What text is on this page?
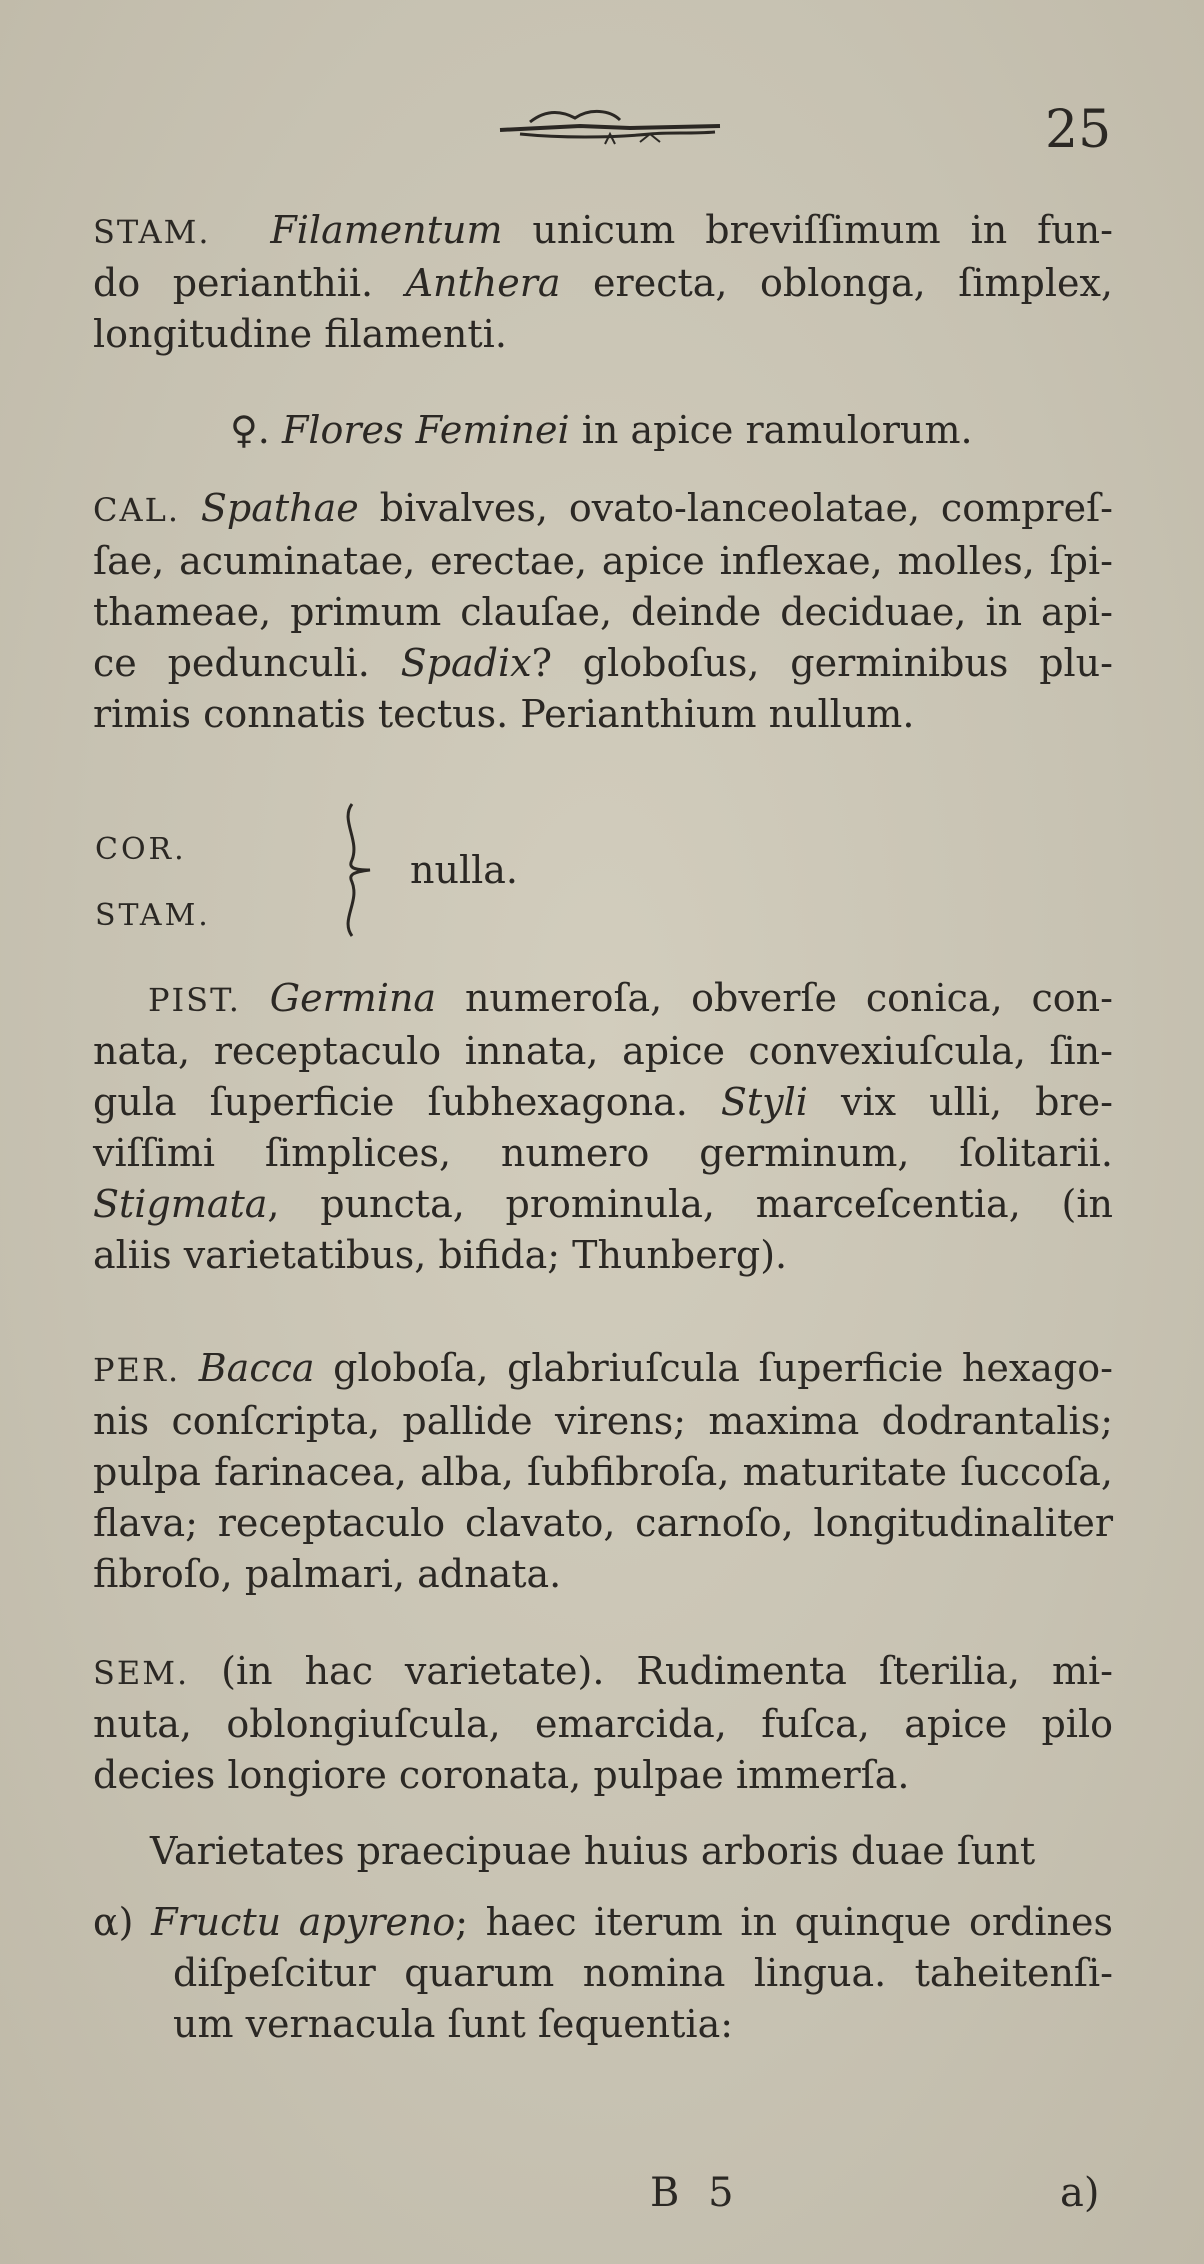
25
STAM. Filamentum unicum breviſſimum in fun-
do perianthii. Anthera erecta, oblonga, ſimplex,
longitudine filamenti.
♀. Flores Feminei in apice ramulorum.
CAL. Spathae bivalves, ovato-lanceolatae, compreſ-
ſae, acuminatae, erectae, apice inflexae, molles, ſpi-
thameae, primum clauſae, deinde deciduae, in api-
ce pedunculi. Spadix? globoſus, germinibus plu-
rimis connatis tectus. Perianthium nullum.
COR.
STAM.
nulla.
PIST. Germina numeroſa, obverſe conica, con-
nata, receptaculo innata, apice convexiuſcula, ſin-
gula ſuperficie ſubhexagona. Styli vix ulli, bre-
viſſimi ſimplices, numero germinum, ſolitarii.
Stigmata, puncta, prominula, marceſcentia, (in
aliis varietatibus, bifida; Thunberg).
PER. Bacca globoſa, glabriuſcula ſuperficie hexago-
nis conſcripta, pallide virens; maxima dodrantalis;
pulpa farinacea, alba, ſubfibroſa, maturitate ſuccoſa,
flava; receptaculo clavato, carnoſo, longitudinaliter
fibroſo, palmari, adnata.
SEM. (in hac varietate). Rudimenta ſterilia, mi-
nuta, oblongiuſcula, emarcida, fuſca, apice pilo
decies longiore coronata, pulpae immerſa.
Varietates praecipuae huius arboris duae ſunt
α) Fructu apyreno; haec iterum in quinque ordines
diſpeſcitur quarum nomina lingua. taheitenſi-
um vernacula ſunt ſequentia:
B 5	a)
